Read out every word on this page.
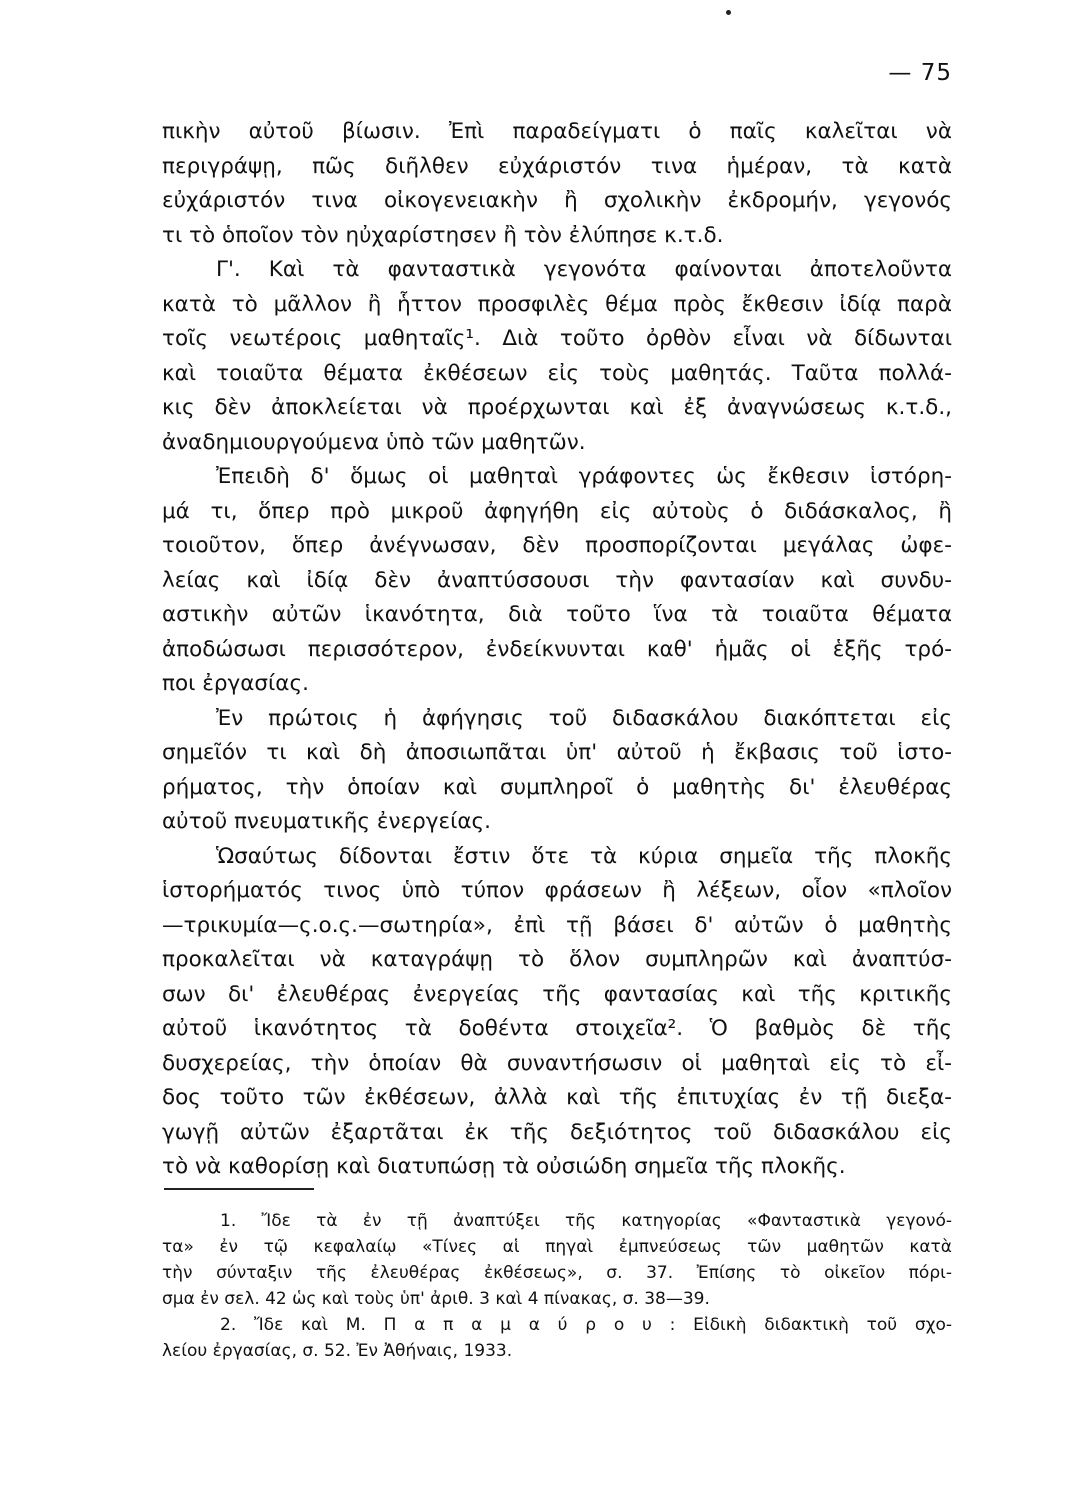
— 75
πικὴν αὐτοῦ βίωσιν. Ἐπὶ παραδείγματι ὁ παῖς καλεῖται νὰ
περιγράψῃ, πῶς διῆλθεν εὐχάριστόν τινα ἡμέραν, τὰ κατὰ
εὐχάριστόν τινα οἰκογενειακὴν ἢ σχολικὴν ἐκδρομήν, γεγονός
τι τὸ ὁποῖον τὸν ηὐχαρίστησεν ἢ τὸν ἐλύπησε κ.τ.δ.
Γ'. Καὶ τὰ φανταστικὰ γεγονότα φαίνονται ἀποτελοῦντα
κατὰ τὸ μᾶλλον ἢ ἧττον προσφιλὲς θέμα πρὸς ἔκθεσιν ἰδίᾳ παρὰ
τοῖς νεωτέροις μαθηταῖς¹. Διὰ τοῦτο ὀρθὸν εἶναι νὰ δίδωνται
καὶ τοιαῦτα θέματα ἐκθέσεων εἰς τοὺς μαθητάς. Ταῦτα πολλά-
κις δὲν ἀποκλείεται νὰ προέρχωνται καὶ ἐξ ἀναγνώσεως κ.τ.δ.,
ἀναδημιουργούμενα ὑπὸ τῶν μαθητῶν.
Ἐπειδὴ δ' ὅμως οἱ μαθηταὶ γράφοντες ὡς ἔκθεσιν ἱστόρη-
μά τι, ὅπερ πρὸ μικροῦ ἀφηγήθη εἰς αὐτοὺς ὁ διδάσκαλος, ἢ
τοιοῦτον, ὅπερ ἀνέγνωσαν, δὲν προσπορίζονται μεγάλας ὠφε-
λείας καὶ ἰδίᾳ δὲν ἀναπτύσσουσι τὴν φαντασίαν καὶ συνδυ-
αστικὴν αὐτῶν ἱκανότητα, διὰ τοῦτο ἵνα τὰ τοιαῦτα θέματα
ἀποδώσωσι περισσότερον, ἐνδείκνυνται καθ' ἡμᾶς οἱ ἑξῆς τρό-
ποι ἐργασίας.
Ἐν πρώτοις ἡ ἀφήγησις τοῦ διδασκάλου διακόπτεται εἰς
σημεῖόν τι καὶ δὴ ἀποσιωπᾶται ὑπ' αὐτοῦ ἡ ἔκβασις τοῦ ἱστο-
ρήματος, τὴν ὁποίαν καὶ συμπληροῖ ὁ μαθητὴς δι' ἐλευθέρας
αὐτοῦ πνευματικῆς ἐνεργείας.
Ὡσαύτως δίδονται ἔστιν ὅτε τὰ κύρια σημεῖα τῆς πλοκῆς
ἱστορήματός τινος ὑπὸ τύπον φράσεων ἢ λέξεων, οἷον «πλοῖον
—τρικυμία—ς.ο.ς.—σωτηρία», ἐπὶ τῇ βάσει δ' αὐτῶν ὁ μαθητὴς
προκαλεῖται νὰ καταγράψῃ τὸ ὅλον συμπληρῶν καὶ ἀναπτύσ-
σων δι' ἐλευθέρας ἐνεργείας τῆς φαντασίας καὶ τῆς κριτικῆς
αὐτοῦ ἱκανότητος τὰ δοθέντα στοιχεῖα². Ὁ βαθμὸς δὲ τῆς
δυσχερείας, τὴν ὁποίαν θὰ συναντήσωσιν οἱ μαθηταὶ εἰς τὸ εἶ-
δος τοῦτο τῶν ἐκθέσεων, ἀλλὰ καὶ τῆς ἐπιτυχίας ἐν τῇ διεξα-
γωγῇ αὐτῶν ἐξαρτᾶται ἐκ τῆς δεξιότητος τοῦ διδασκάλου εἰς
τὸ νὰ καθορίσῃ καὶ διατυπώσῃ τὰ οὐσιώδη σημεῖα τῆς πλοκῆς.
1. Ἴδε τὰ ἐν τῇ ἀναπτύξει τῆς κατηγορίας «Φανταστικὰ γεγονό-
τα» ἐν τῷ κεφαλαίῳ «Τίνες αἱ πηγαὶ ἐμπνεύσεως τῶν μαθητῶν κατὰ
τὴν σύνταξιν τῆς ἐλευθέρας ἐκθέσεως», σ. 37. Ἐπίσης τὸ οἰκεῖον πόρι-
σμα ἐν σελ. 42 ὡς καὶ τοὺς ὑπ' ἀριθ. 3 καὶ 4 πίνακας, σ. 38—39.
2. Ἴδε καὶ Μ. Π α π α μ α ύ ρ ο υ : Εἰδικὴ διδακτικὴ τοῦ σχο-
λείου ἐργασίας, σ. 52. Ἐν Ἀθήναις, 1933.
